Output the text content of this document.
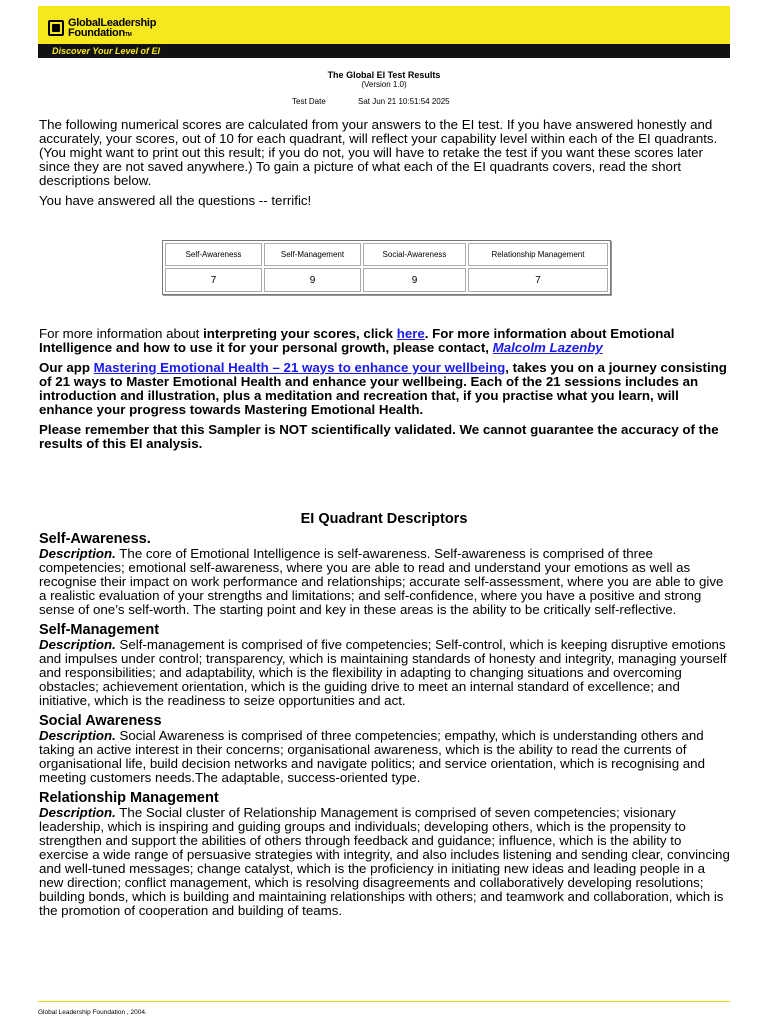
GlobalLeadership
FoundationTM
Discover Your Level of EI
The Global EI Test Results
(Version 1.0)
Test Date	Sat Jun 21 10:51:54 2025

The following numerical scores are calculated from your answers to the EI test. If you have answered honestly and accurately, your scores, out of 10 for each quadrant, will reflect your capability level within each of the EI quadrants. (You might want to print out this result; if you do not, you will have to retake the test if you want these scores later since they are not saved anywhere.) To gain a picture of what each of the EI quadrants covers, read the short descriptions below.

You have answered all the questions -- terrific!

Self-Awareness	Self-Management	Social-Awareness	Relationship Management
7	9	9	7

For more information about interpreting your scores, click here. For more information about Emotional Intelligence and how to use it for your personal growth, please contact, Malcolm Lazenby

Our app Mastering Emotional Health – 21 ways to enhance your wellbeing, takes you on a journey consisting of 21 ways to Master Emotional Health and enhance your wellbeing. Each of the 21 sessions includes an introduction and illustration, plus a meditation and recreation that, if you practise what you learn, will enhance your progress towards Mastering Emotional Health.

Please remember that this Sampler is NOT scientifically validated. We cannot guarantee the accuracy of the results of this EI analysis.

EI Quadrant Descriptors

Self-Awareness.

Description. The core of Emotional Intelligence is self-awareness. Self-awareness is comprised of three competencies; emotional self-awareness, where you are able to read and understand your emotions as well as recognise their impact on work performance and relationships; accurate self-assessment, where you are able to give a realistic evaluation of your strengths and limitations; and self-confidence, where you have a positive and strong sense of one’s self-worth. The starting point and key in these areas is the ability to be critically self-reflective.

Self-Management

Description. Self-management is comprised of five competencies; Self-control, which is keeping disruptive emotions and impulses under control; transparency, which is maintaining standards of honesty and integrity, managing yourself and responsibilities; and adaptability, which is the flexibility in adapting to changing situations and overcoming obstacles; achievement orientation, which is the guiding drive to meet an internal standard of excellence; and initiative, which is the readiness to seize opportunities and act.

Social Awareness

Description. Social Awareness is comprised of three competencies; empathy, which is understanding others and taking an active interest in their concerns; organisational awareness, which is the ability to read the currents of organisational life, build decision networks and navigate politics; and service orientation, which is recognising and meeting customers needs.The adaptable, success-oriented type.

Relationship Management

Description. The Social cluster of Relationship Management is comprised of seven competencies; visionary leadership, which is inspiring and guiding groups and individuals; developing others, which is the propensity to strengthen and support the abilities of others through feedback and guidance; influence, which is the ability to exercise a wide range of persuasive strategies with integrity, and also includes listening and sending clear, convincing and well-tuned messages; change catalyst, which is the proficiency in initiating new ideas and leading people in a new direction; conflict management, which is resolving disagreements and collaboratively developing resolutions; building bonds, which is building and maintaining relationships with others; and teamwork and collaboration, which is the promotion of cooperation and building of teams.

Global Leadership Foundation , 2004.
